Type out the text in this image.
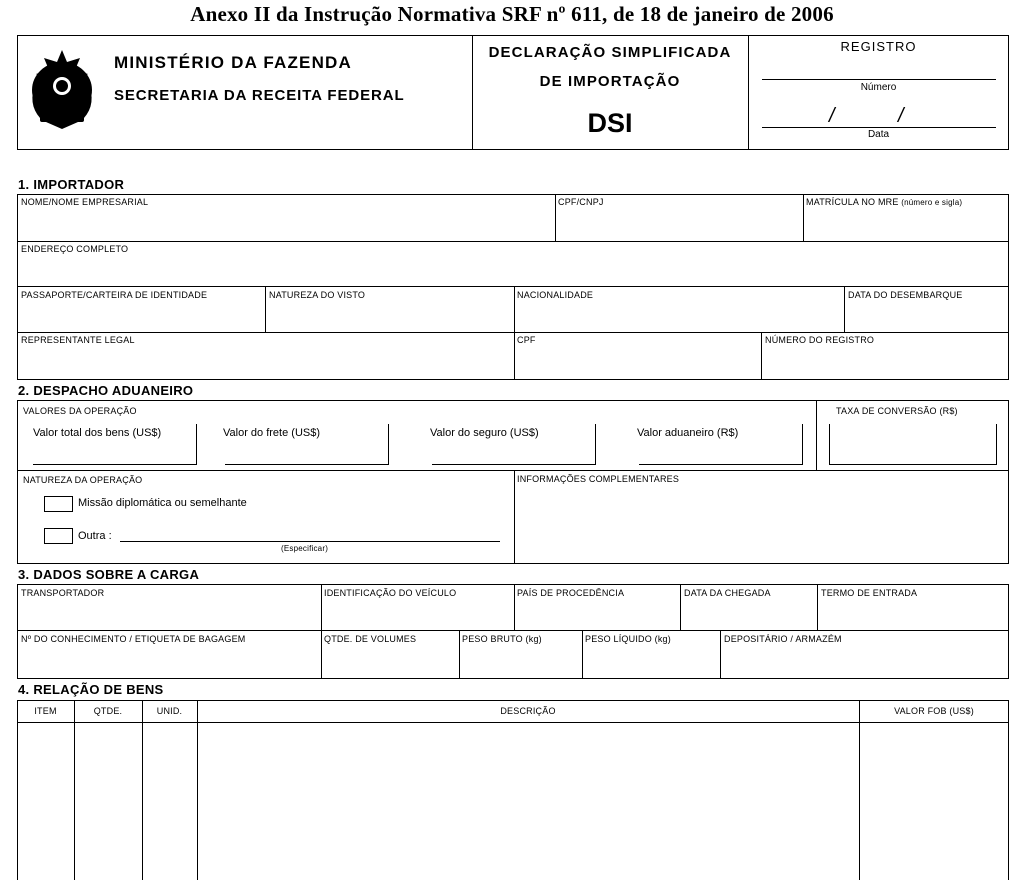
Anexo II da Instrução Normativa SRF nº 611, de 18 de janeiro de 2006
MINISTÉRIO DA FAZENDA
SECRETARIA DA RECEITA FEDERAL
DECLARAÇÃO SIMPLIFICADA
DE IMPORTAÇÃO
DSI
REGISTRO
Número
/	/
Data
1. IMPORTADOR
NOME/NOME EMPRESARIAL	CPF/CNPJ	MATRÍCULA NO MRE (número e sigla)
ENDEREÇO COMPLETO
PASSAPORTE/CARTEIRA DE IDENTIDADE	NATUREZA DO VISTO	NACIONALIDADE	DATA DO DESEMBARQUE
REPRESENTANTE LEGAL	CPF	NÚMERO DO REGISTRO
2. DESPACHO ADUANEIRO
VALORES DA OPERAÇÃO
Valor total dos bens (US$)	Valor do frete (US$)	Valor do seguro (US$)	Valor aduaneiro (R$)
TAXA DE CONVERSÃO (R$)
NATUREZA DA OPERAÇÃO
Missão diplomática ou semelhante
Outra :
(Especificar)
INFORMAÇÕES COMPLEMENTARES
3. DADOS SOBRE A CARGA
TRANSPORTADOR	IDENTIFICAÇÃO DO VEÍCULO	PAÍS DE PROCEDÊNCIA	DATA DA CHEGADA	TERMO DE ENTRADA
Nº DO CONHECIMENTO / ETIQUETA DE BAGAGEM	QTDE. DE VOLUMES	PESO BRUTO (kg)	PESO LÍQUIDO (kg)	DEPOSITÁRIO / ARMAZÉM
4. RELAÇÃO DE BENS
ITEM	QTDE.	UNID.	DESCRIÇÃO	VALOR FOB (US$)
